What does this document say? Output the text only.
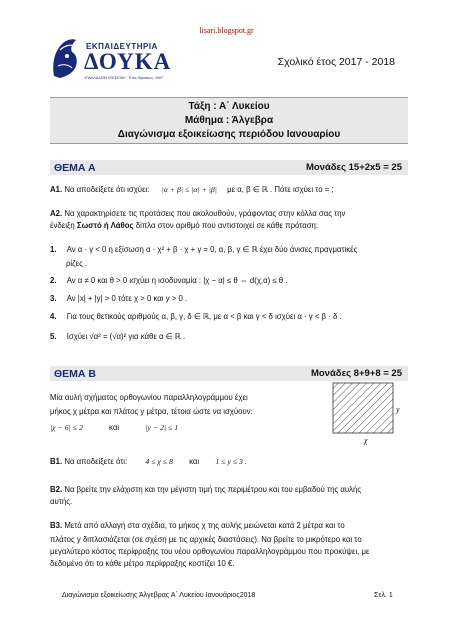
lisari.blogspot.gr
ΕΚΠΑΙΔΕΥΤΗΡΙΑ
ΔΟΥΚΑ
«ΠΑΛΛΑΔΙΟΝ ΛΥΚΕΙΟΝ» · Έτος Ιδρύσεως: 1907
Σχολικό έτος 2017 - 2018
Τάξη : Α΄ Λυκείου
Μάθημα : Άλγεβρα
Διαγώνισμα εξοικείωσης περιόδου Ιανουαρίου
ΘΕΜΑ Α	Μονάδες 15+2x5 = 25
Α1. Να αποδείξετε ότι ισχύει: |α + β| ≤ |α| + |β| με α, β ∈ ℝ . Πότε ισχύει το = ;
Α2. Να χαρακτηρίσετε τις προτάσεις που ακολουθούν, γράφοντας στην κόλλα σας την
ένδειξη Σωστό ή Λάθος δίπλα στον αριθμό που αντιστοιχεί σε κάθε πρόταση:
1. Αν α · γ < 0 η εξίσωση α · χ² + β · χ + γ = 0, α, β, γ ∈ ℝ έχει δύο άνισες πραγματικές
ρίζες .
2. Αν α ≠ 0 και θ > 0 ισχύει η ισοδυναμία : |χ − α| ≤ θ ⇔ d(χ,α) ≤ θ .
3. Αν |x| + |y| > 0 τότε χ > 0 και y > 0 .
4. Για τους θετικούς αριθμούς α, β, γ, δ ∈ ℝ, με α < β και γ < δ ισχύει α · γ < β · δ .
5. Ισχύει √α² = (√α)² για κάθε α ∈ ℝ .
ΘΕΜΑ Β	Μονάδες 8+9+8 = 25
Μία αυλή σχήματος ορθογωνίου παραλληλογράμμου έχει
μήκος χ μέτρα και πλάτος y μέτρα, τέτοια ώστε να ισχύουν:
|χ − 6| ≤ 2	και	|y − 2| ≤ 1
y
χ
Β1. Να αποδείξετε ότι: 4 ≤ χ ≤ 8 και 1 ≤ y ≤ 3 .
Β2. Να βρείτε την ελάχιστη και την μέγιστη τιμή της περιμέτρου και του εμβαδού της αυλής
αυτής.
Β3. Μετά από αλλαγή στα σχέδια, το μήκος χ της αυλής μειώνεται κατά 2 μέτρα και το
πλάτος y διπλασιάζεται (σε σχέση με τις αρχικές διαστάσεις). Να βρείτε το μικρότερο και το
μεγαλύτερο κόστος περίφραξης του νέου ορθογωνίου παραλληλογράμμου που προκύψει, με
δεδομένο ότι το κάθε μέτρο περίφραξης κοστίζει 10 €.
Διαγώνισμα εξοικείωσης Άλγεβρας Α΄ Λυκείου Ιανουάριος2018	Σελ. 1
